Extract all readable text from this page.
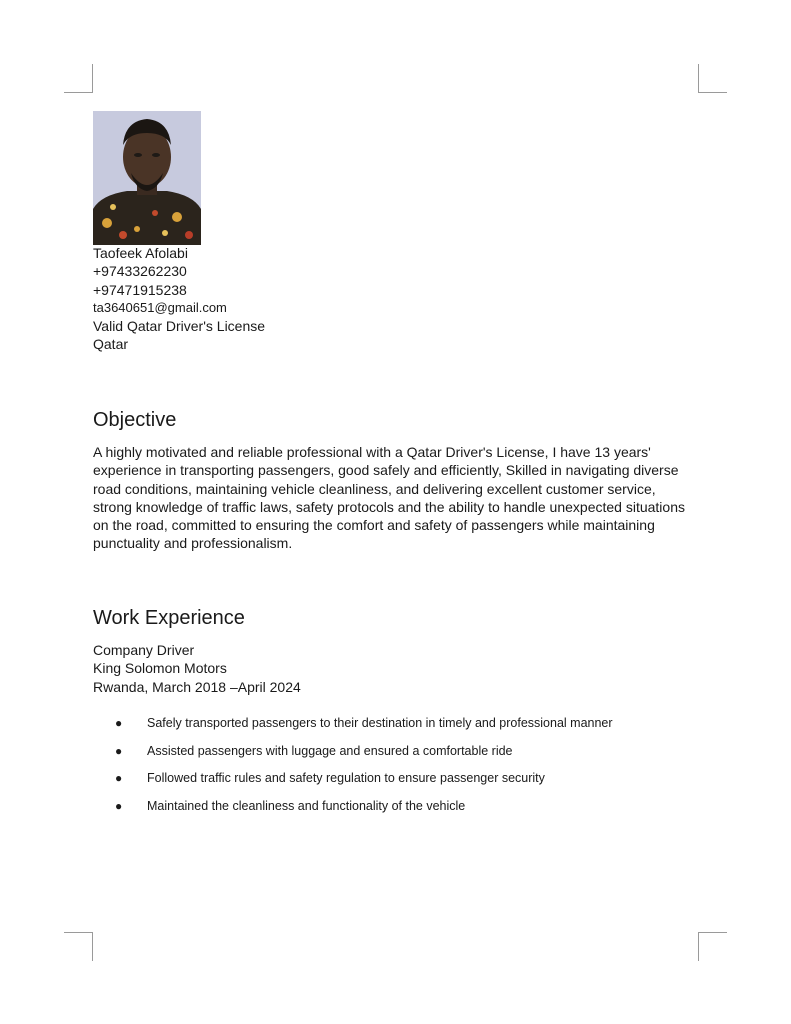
Taofeek Afolabi
+97433262230
+97471915238
ta3640651@gmail.com
Valid Qatar Driver's License
Qatar
Objective

A highly motivated and reliable professional with a Qatar Driver's License, I have 13 years' experience in transporting passengers, good safely and efficiently, Skilled in navigating diverse road conditions, maintaining vehicle cleanliness, and delivering excellent customer service, strong knowledge of traffic laws, safety protocols and the ability to handle unexpected situations on the road, committed to ensuring the comfort and safety of passengers while maintaining punctuality and professionalism.

Work Experience
Company Driver
King Solomon Motors
Rwanda, March 2018 –April 2024
● Safely transported passengers to their destination in timely and professional manner
● Assisted passengers with luggage and ensured a comfortable ride
● Followed traffic rules and safety regulation to ensure passenger security
● Maintained the cleanliness and functionality of the vehicle
